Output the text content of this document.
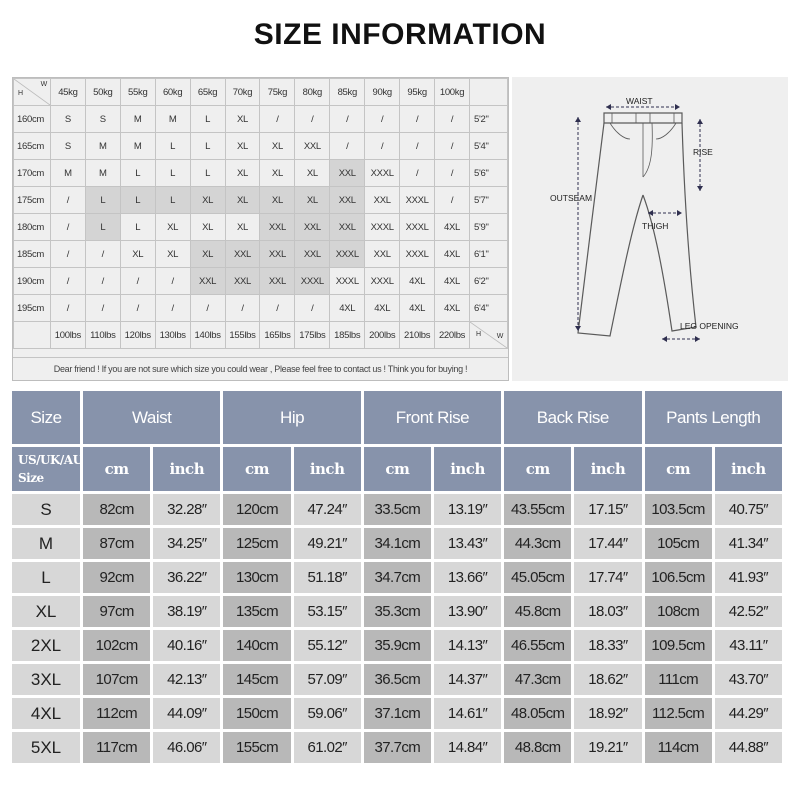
SIZE INFORMATION
H
W	45kg	50kg	55kg	60kg	65kg	70kg	75kg	80kg	85kg	90kg	95kg	100kg	
160cm	S	S	M	M	L	XL	/	/	/	/	/	/	5'2"
165cm	S	M	M	L	L	XL	XL	XXL	/	/	/	/	5'4"
170cm	M	M	L	L	L	XL	XL	XL	XXL	XXXL	/	/	5'6"
175cm	/	L	L	L	XL	XL	XL	XL	XXL	XXL	XXXL	/	5'7"
180cm	/	L	L	XL	XL	XL	XXL	XXL	XXL	XXXL	XXXL	4XL	5'9"
185cm	/	/	XL	XL	XL	XXL	XXL	XXL	XXXL	XXL	XXXL	4XL	6'1"
190cm	/	/	/	/	XXL	XXL	XXL	XXXL	XXXL	XXXL	4XL	4XL	6'2"
195cm	/	/	/	/	/	/	/	/	4XL	4XL	4XL	4XL	6'4"
	100lbs	110lbs	120lbs	130lbs	140lbs	155lbs	165lbs	175lbs	185lbs	200lbs	210lbs	220lbs	H W
Dear friend ! If you are not sure which size you could wear , Please feel free to contact us ! Think you for buying !
WAIST
RISE
OUTSEAM
THIGH
LEG OPENING
Size	Waist		Hip		Front Rise		Back Rise		Pants Length	
US/UK/AU
Size	cm	inch	cm	inch	cm	inch	cm	inch	cm	inch
S	82cm	32.28″	120cm	47.24″	33.5cm	13.19″	43.55cm	17.15″	103.5cm	40.75″
M	87cm	34.25″	125cm	49.21″	34.1cm	13.43″	44.3cm	17.44″	105cm	41.34″
L	92cm	36.22″	130cm	51.18″	34.7cm	13.66″	45.05cm	17.74″	106.5cm	41.93″
XL	97cm	38.19″	135cm	53.15″	35.3cm	13.90″	45.8cm	18.03″	108cm	42.52″
2XL	102cm	40.16″	140cm	55.12″	35.9cm	14.13″	46.55cm	18.33″	109.5cm	43.11″
3XL	107cm	42.13″	145cm	57.09″	36.5cm	14.37″	47.3cm	18.62″	111cm	43.70″
4XL	112cm	44.09″	150cm	59.06″	37.1cm	14.61″	48.05cm	18.92″	112.5cm	44.29″
5XL	117cm	46.06″	155cm	61.02″	37.7cm	14.84″	48.8cm	19.21″	114cm	44.88″
